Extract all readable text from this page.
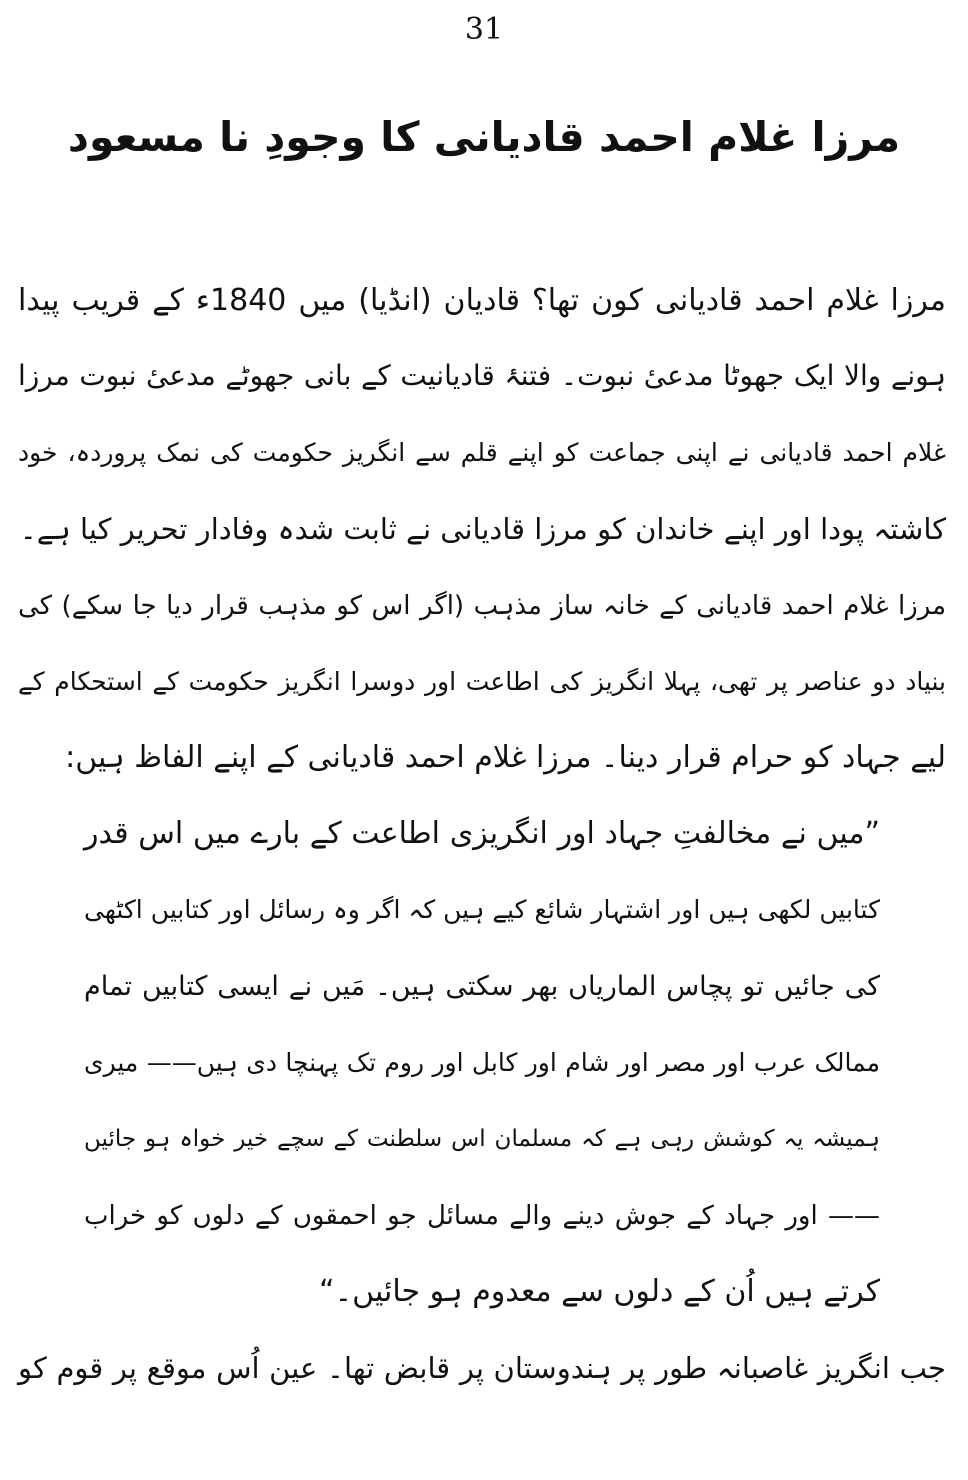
31
مرزا غلام احمد قادیانی کا وجودِ نا مسعود
مرزا غلام احمد قادیانی کون تھا؟ قادیان (انڈیا) میں 1840ء کے قریب پیدا
ہونے والا ایک جھوٹا مدعیٔ نبوت۔ فتنۂ قادیانیت کے بانی جھوٹے مدعیٔ نبوت مرزا
غلام احمد قادیانی نے اپنی جماعت کو اپنے قلم سے انگریز حکومت کی نمک پروردہ، خود
کاشتہ پودا اور اپنے خاندان کو مرزا قادیانی نے ثابت شدہ وفادار تحریر کیا ہے۔
مرزا غلام احمد قادیانی کے خانہ ساز مذہب (اگر اس کو مذہب قرار دیا جا سکے) کی
بنیاد دو عناصر پر تھی، پہلا انگریز کی اطاعت اور دوسرا انگریز حکومت کے استحکام کے
لیے جہاد کو حرام قرار دینا۔ مرزا غلام احمد قادیانی کے اپنے الفاظ ہیں:
”میں نے مخالفتِ جہاد اور انگریزی اطاعت کے بارے میں اس قدر
کتابیں لکھی ہیں اور اشتہار شائع کیے ہیں کہ اگر وہ رسائل اور کتابیں اکٹھی
کی جائیں تو پچاس الماریاں بھر سکتی ہیں۔ مَیں نے ایسی کتابیں تمام
ممالک عرب اور مصر اور شام اور کابل اور روم تک پہنچا دی ہیں—— میری
ہمیشہ یہ کوشش رہی ہے کہ مسلمان اس سلطنت کے سچے خیر خواہ ہو جائیں
—— اور جہاد کے جوش دینے والے مسائل جو احمقوں کے دلوں کو خراب
کرتے ہیں اُن کے دلوں سے معدوم ہو جائیں۔“
جب انگریز غاصبانہ طور پر ہندوستان پر قابض تھا۔ عین اُس موقع پر قوم کو
